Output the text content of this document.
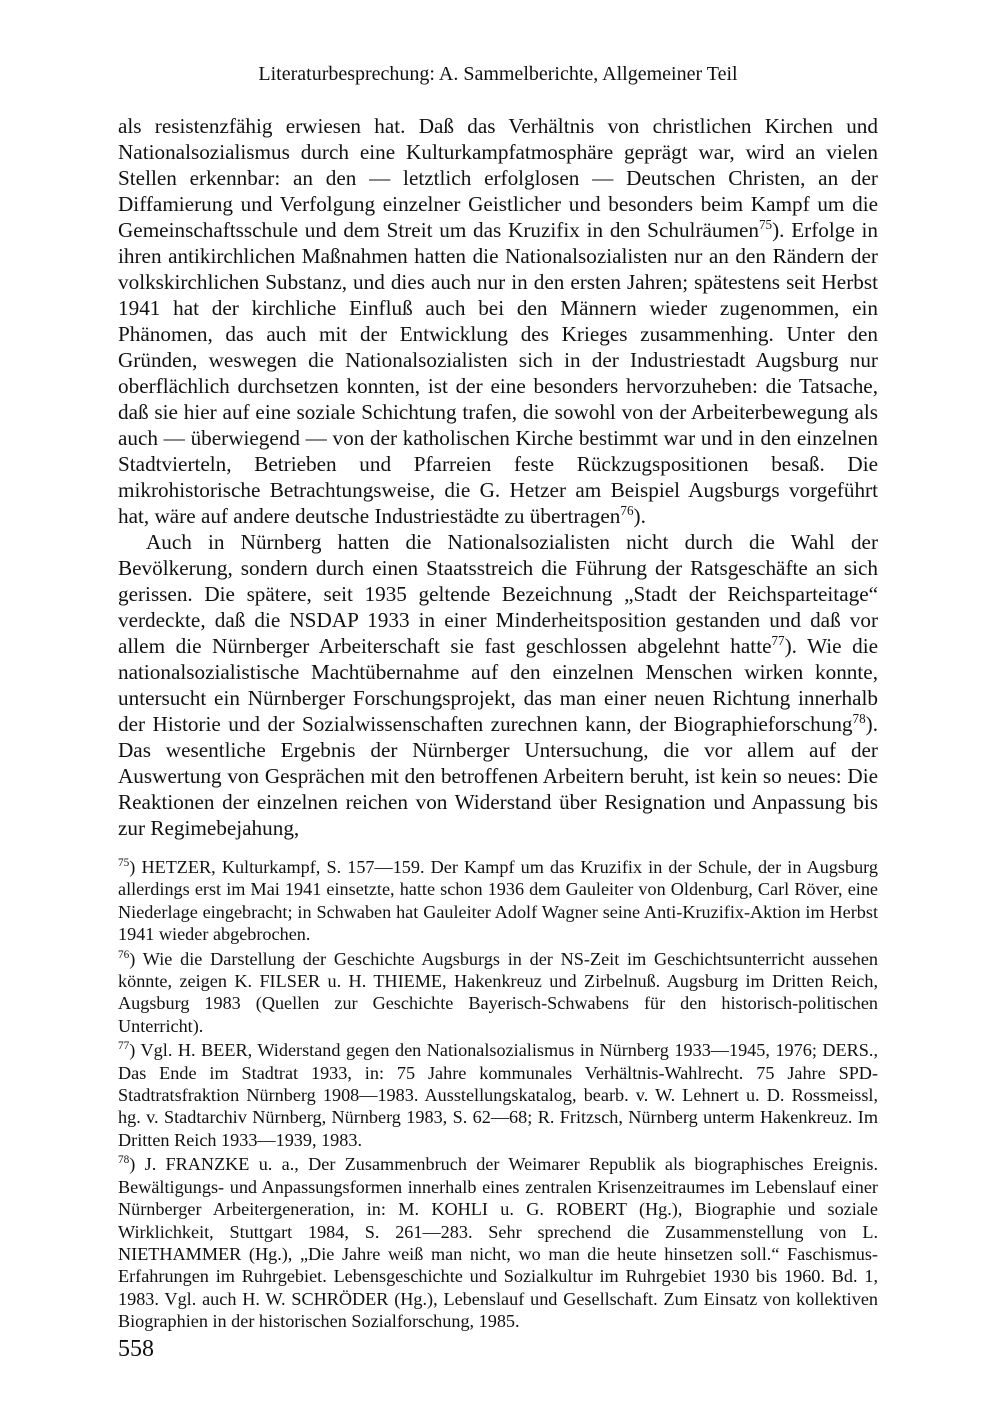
Literaturbesprechung: A. Sammelberichte, Allgemeiner Teil

als resistenzfähig erwiesen hat. Daß das Verhältnis von christlichen Kirchen und Nationalsozialismus durch eine Kulturkampfatmosphäre geprägt war, wird an vielen Stellen erkennbar: an den — letztlich erfolglosen — Deutschen Christen, an der Diffamierung und Verfolgung einzelner Geistlicher und besonders beim Kampf um die Gemeinschaftsschule und dem Streit um das Kruzifix in den Schulräumen$^{75}$). Erfolge in ihren antikirchlichen Maßnahmen hatten die Nationalsozialisten nur an den Rändern der volkskirchlichen Substanz, und dies auch nur in den ersten Jahren; spätestens seit Herbst 1941 hat der kirchliche Einfluß auch bei den Männern wieder zugenommen, ein Phänomen, das auch mit der Entwicklung des Krieges zusammenhing. Unter den Gründen, weswegen die Nationalsozialisten sich in der Industriestadt Augsburg nur oberflächlich durchsetzen konnten, ist der eine besonders hervorzuheben: die Tatsache, daß sie hier auf eine soziale Schichtung trafen, die sowohl von der Arbeiterbewegung als auch — überwiegend — von der katholischen Kirche bestimmt war und in den einzelnen Stadtvierteln, Betrieben und Pfarreien feste Rückzugspositionen besaß. Die mikrohistorische Betrachtungsweise, die G. Hetzer am Beispiel Augsburgs vorgeführt hat, wäre auf andere deutsche Industriestädte zu übertragen$^{76}$).

Auch in Nürnberg hatten die Nationalsozialisten nicht durch die Wahl der Bevölkerung, sondern durch einen Staatsstreich die Führung der Ratsgeschäfte an sich gerissen. Die spätere, seit 1935 geltende Bezeichnung „Stadt der Reichsparteitage“ verdeckte, daß die NSDAP 1933 in einer Minderheitsposition gestanden und daß vor allem die Nürnberger Arbeiterschaft sie fast geschlossen abgelehnt hatte$^{77}$). Wie die nationalsozialistische Machtübernahme auf den einzelnen Menschen wirken konnte, untersucht ein Nürnberger Forschungsprojekt, das man einer neuen Richtung innerhalb der Historie und der Sozialwissenschaften zurechnen kann, der Biographieforschung$^{78}$). Das wesentliche Ergebnis der Nürnberger Untersuchung, die vor allem auf der Auswertung von Gesprächen mit den betroffenen Arbeitern beruht, ist kein so neues: Die Reaktionen der einzelnen reichen von Widerstand über Resignation und Anpassung bis zur Regimebejahung,

$^{75}$) HETZER, Kulturkampf, S. 157—159. Der Kampf um das Kruzifix in der Schule, der in Augsburg allerdings erst im Mai 1941 einsetzte, hatte schon 1936 dem Gauleiter von Oldenburg, Carl Röver, eine Niederlage eingebracht; in Schwaben hat Gauleiter Adolf Wagner seine Anti-Kruzifix-Aktion im Herbst 1941 wieder abgebrochen.

$^{76}$) Wie die Darstellung der Geschichte Augsburgs in der NS-Zeit im Geschichtsunterricht aussehen könnte, zeigen K. FILSER u. H. THIEME, Hakenkreuz und Zirbelnuß. Augsburg im Dritten Reich, Augsburg 1983 (Quellen zur Geschichte Bayerisch-Schwabens für den historisch-politischen Unterricht).

$^{77}$) Vgl. H. BEER, Widerstand gegen den Nationalsozialismus in Nürnberg 1933—1945, 1976; DERS., Das Ende im Stadtrat 1933, in: 75 Jahre kommunales Verhältnis-Wahlrecht. 75 Jahre SPD-Stadtratsfraktion Nürnberg 1908—1983. Ausstellungskatalog, bearb. v. W. Lehnert u. D. Rossmeissl, hg. v. Stadtarchiv Nürnberg, Nürnberg 1983, S. 62—68; R. Fritzsch, Nürnberg unterm Hakenkreuz. Im Dritten Reich 1933—1939, 1983.

$^{78}$) J. FRANZKE u. a., Der Zusammenbruch der Weimarer Republik als biographisches Ereignis. Bewältigungs- und Anpassungsformen innerhalb eines zentralen Krisenzeitraumes im Lebenslauf einer Nürnberger Arbeitergeneration, in: M. KOHLI u. G. ROBERT (Hg.), Biographie und soziale Wirklichkeit, Stuttgart 1984, S. 261—283. Sehr sprechend die Zusammenstellung von L. NIETHAMMER (Hg.), „Die Jahre weiß man nicht, wo man die heute hinsetzen soll.“ Faschismus-Erfahrungen im Ruhrgebiet. Lebensgeschichte und Sozialkultur im Ruhrgebiet 1930 bis 1960. Bd. 1, 1983. Vgl. auch H. W. SCHRÖDER (Hg.), Lebenslauf und Gesellschaft. Zum Einsatz von kollektiven Biographien in der historischen Sozialforschung, 1985.

558
